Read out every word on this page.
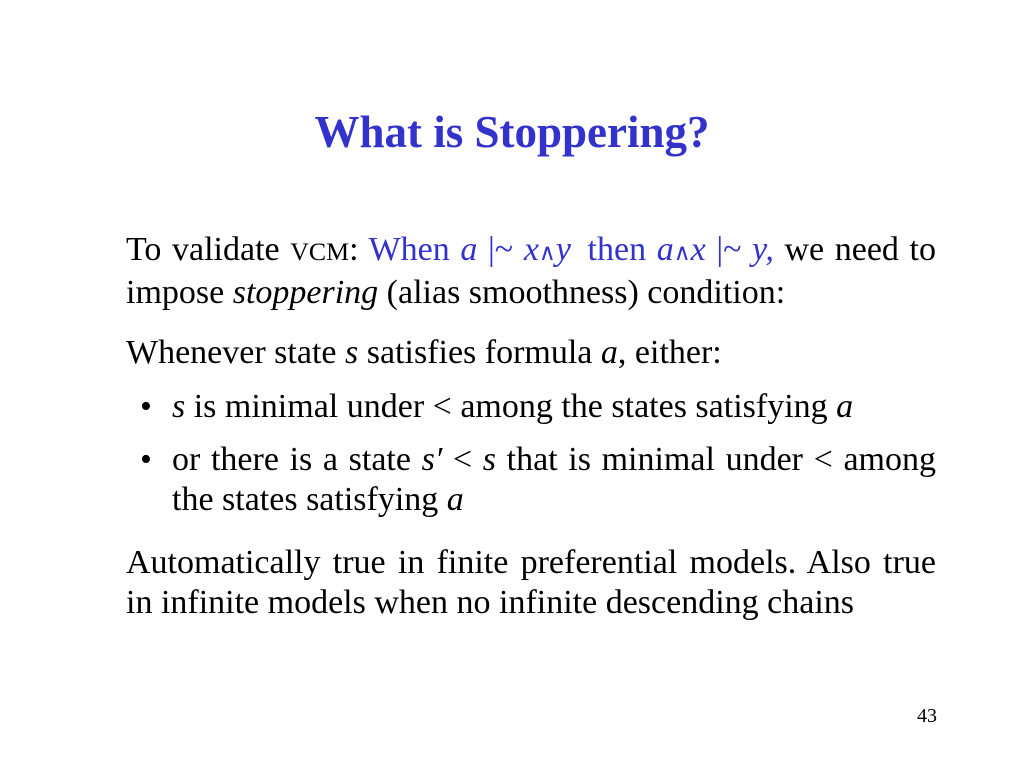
What is Stoppering?
To validate VCM: When a |~ x∧y then a∧x |~ y, we need to
impose stoppering (alias smoothness) condition:
Whenever state s satisfies formula a, either:
• s is minimal under < among the states satisfying a
• or there is a state s′ < s that is minimal under < among
the states satisfying a
Automatically true in finite preferential models. Also true
in infinite models when no infinite descending chains
43
